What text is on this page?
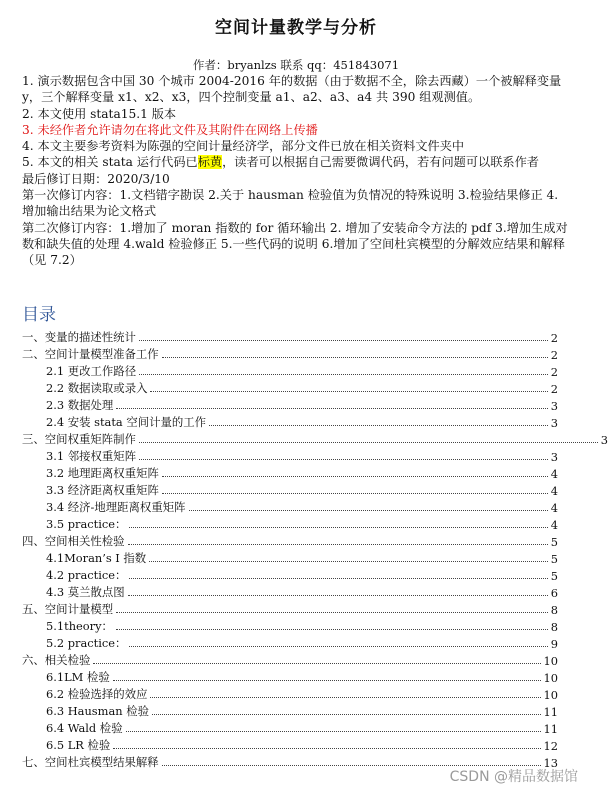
空间计量教学与分析
作者：bryanlzs 联系 qq：451843071

1. 演示数据包含中国 30 个城市 2004-2016 年的数据（由于数据不全，除去西藏）一个被解释变量 y，三个解释变量 x1、x2、x3，四个控制变量 a1、a2、a3、a4 共 390 组观测值。

2. 本文使用 stata15.1 版本

3. 未经作者允许请勿在将此文件及其附件在网络上传播

4. 本文主要参考资料为陈强的空间计量经济学，部分文件已放在相关资料文件夹中

5. 本文的相关 stata 运行代码已标黄，读者可以根据自己需要微调代码，若有问题可以联系作者

最后修订日期：2020/3/10

第一次修订内容：1.文档错字勘误 2.关于 hausman 检验值为负情况的特殊说明 3.检验结果修正 4.增加输出结果为论文格式

第二次修订内容：1.增加了 moran 指数的 for 循环输出 2. 增加了安装命令方法的 pdf 3.增加生成对数和缺失值的处理 4.wald 检验修正 5.一些代码的说明 6.增加了空间杜宾模型的分解效应结果和解释（见 7.2）

目录
一、变量的描述性统计	2
二、空间计量模型准备工作	2
2.1 更改工作路径	2
2.2 数据读取或录入	2
2.3 数据处理	3
2.4 安装 stata 空间计量的工作	3
三、空间权重矩阵制作	3
3.1 邻接权重矩阵	3
3.2 地理距离权重矩阵	4
3.3 经济距离权重矩阵	4
3.4 经济-地理距离权重矩阵	4
3.5 practice：	4
四、空间相关性检验	5
4.1Moran’s I 指数	5
4.2 practice：	5
4.3 莫兰散点图	6
五、空间计量模型	8
5.1theory：	8
5.2 practice：	9
六、相关检验	10
6.1LM 检验	10
6.2 检验选择的效应	10
6.3 Hausman 检验	11
6.4 Wald 检验	11
6.5 LR 检验	12
七、空间杜宾模型结果解释	13
CSDN @精品数据馆
